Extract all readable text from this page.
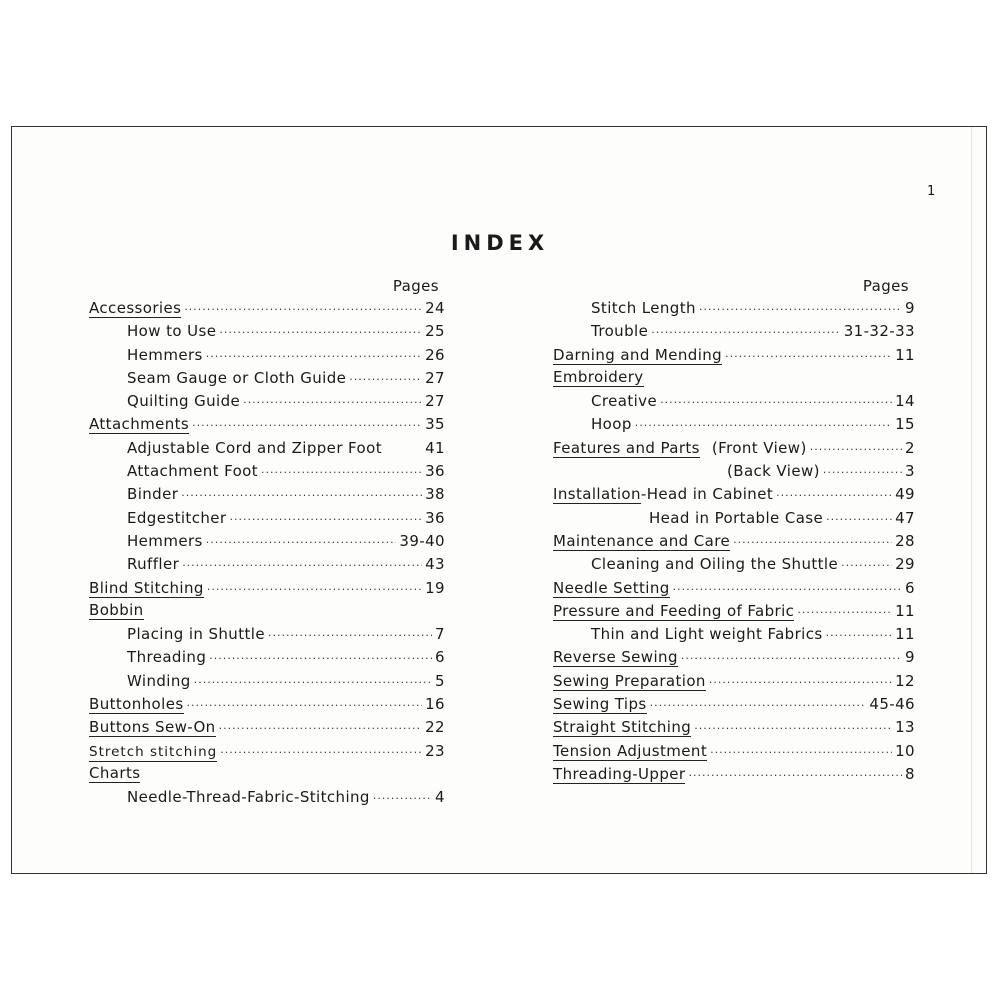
1
INDEX
Pages
Accessories ·····	24
How to Use ·····	25
Hemmers ·····	26
Seam Gauge or Cloth Guide ·····	27
Quilting Guide ·····	27
Attachments ·····	35
Adjustable Cord and Zipper Foot	41
Attachment Foot ·····	36
Binder ·····	38
Edgestitcher ·····	36
Hemmers ·····	39-40
Ruffler ·····	43
Blind Stitching ·····	19
Bobbin
Placing in Shuttle ·····	7
Threading ·····	6
Winding ·····	5
Buttonholes ·····	16
Buttons Sew-On ·····	22
Stretch stitching ·····	23
Charts
Needle-Thread-Fabric-Stitching ·····	4
Pages
Stitch Length ·····	9
Trouble ·····	31-32-33
Darning and Mending ·····	11
Embroidery
Creative ·····	14
Hoop ·····	15
Features and Parts (Front View) ·····	2
(Back View) ·····	3
Installation-Head in Cabinet ·····	49
Head in Portable Case ·····	47
Maintenance and Care ·····	28
Cleaning and Oiling the Shuttle ·····	29
Needle Setting ·····	6
Pressure and Feeding of Fabric ·····	11
Thin and Light weight Fabrics ·····	11
Reverse Sewing ·····	9
Sewing Preparation ·····	12
Sewing Tips ·····	45-46
Straight Stitching ·····	13
Tension Adjustment ·····	10
Threading-Upper ·····	8
